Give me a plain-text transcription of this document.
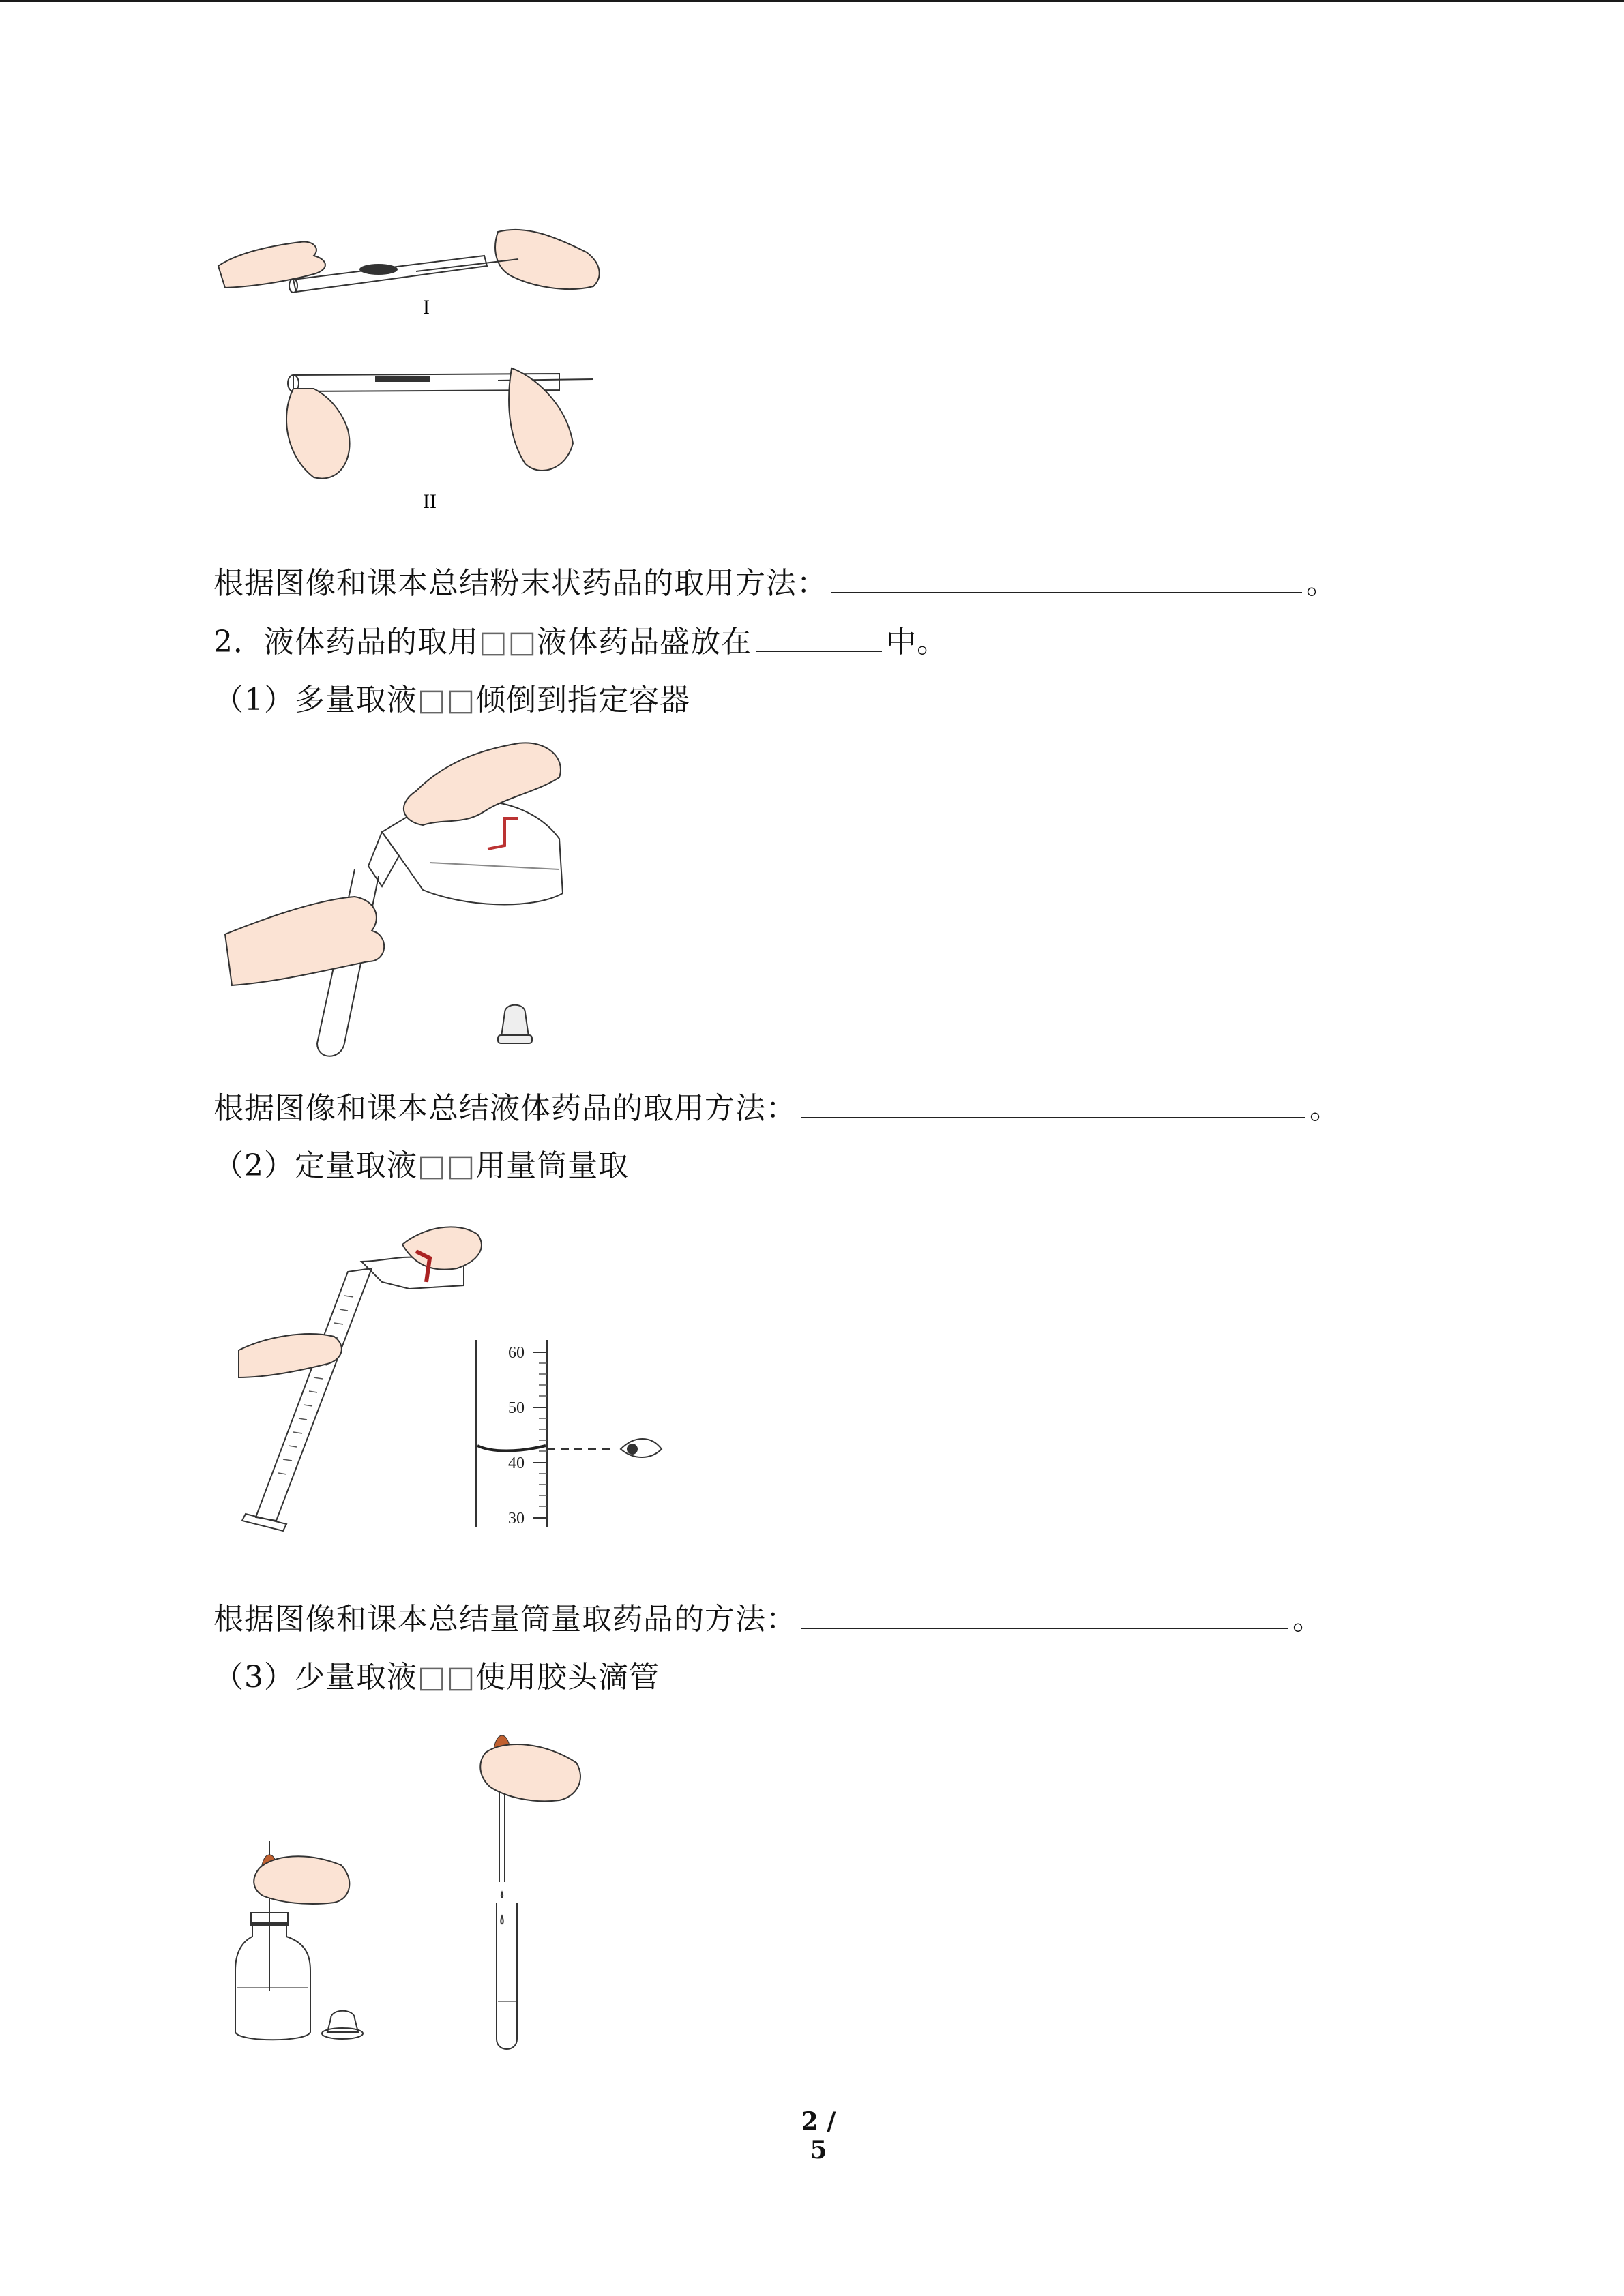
I
II
根据图像和课本总结粉末状药品的取用方法：	。
2．液体药品的取用□□液体药品盛放在	中。
（1）多量取液□□倾倒到指定容器
根据图像和课本总结液体药品的取用方法：	。
（2）定量取液□□用量筒量取
60
50
40
30
根据图像和课本总结量筒量取药品的方法：	。
（3）少量取液□□使用胶头滴管
2 / 5
